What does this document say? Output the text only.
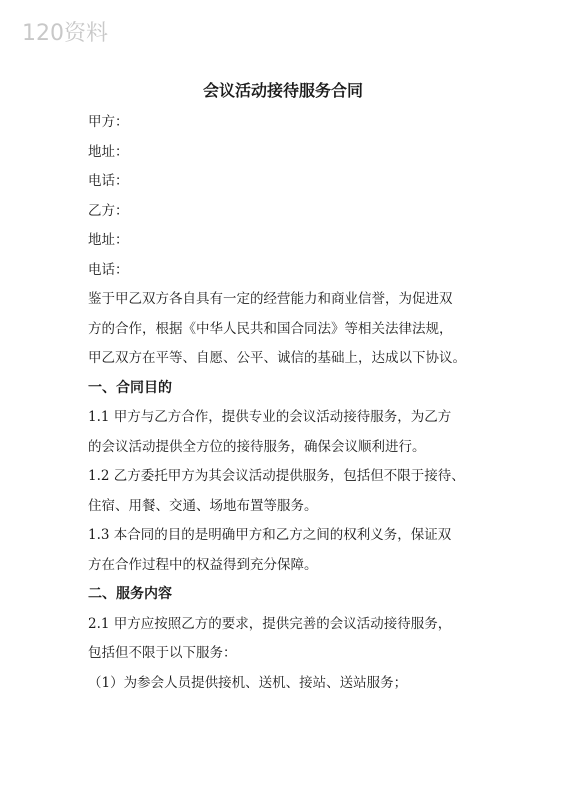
120资料
会议活动接待服务合同
甲方：
地址：
电话：
乙方：
地址：
电话：
鉴于甲乙双方各自具有一定的经营能力和商业信誉，为促进双
方的合作，根据《中华人民共和国合同法》等相关法律法规，
甲乙双方在平等、自愿、公平、诚信的基础上，达成以下协议。
一、合同目的
1.1 甲方与乙方合作，提供专业的会议活动接待服务，为乙方
的会议活动提供全方位的接待服务，确保会议顺利进行。
1.2 乙方委托甲方为其会议活动提供服务，包括但不限于接待、
住宿、用餐、交通、场地布置等服务。
1.3 本合同的目的是明确甲方和乙方之间的权利义务，保证双
方在合作过程中的权益得到充分保障。
二、服务内容
2.1 甲方应按照乙方的要求，提供完善的会议活动接待服务，
包括但不限于以下服务：
（1）为参会人员提供接机、送机、接站、送站服务；
